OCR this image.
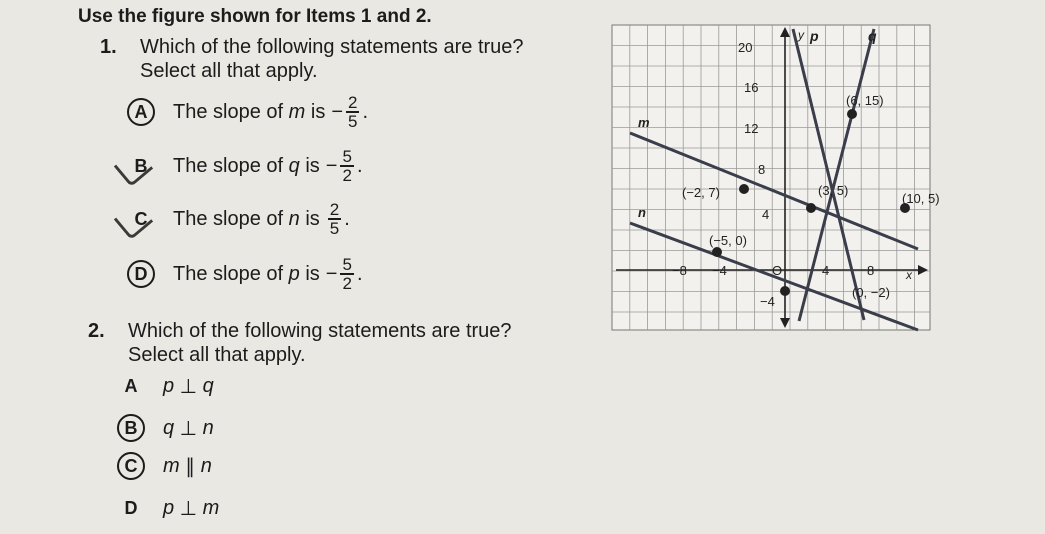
Use the figure shown for Items 1 and 2.
1. Which of the following statements are true?
Select all that apply.
A	The slope of
m
is − $\frac{2}{5}$ .
B	The slope of
q
is − $\frac{5}{2}$ .
C	The slope of
n
is $\frac{2}{5}$ .
D	The slope of
p
is − $\frac{5}{2}$ .
2. Which of the following statements are true?
Select all that apply.
A	p
⊥
q
B	q
⊥
n
C	m
∥
n
D	p
⊥
m
y
x
p	q
m
n
20
16
12
8
4
−4
−8 −4	4	8
O
(6, 15)
(−2, 7)	(3, 5)
(10, 5)
(−5, 0)
(0, −2)
